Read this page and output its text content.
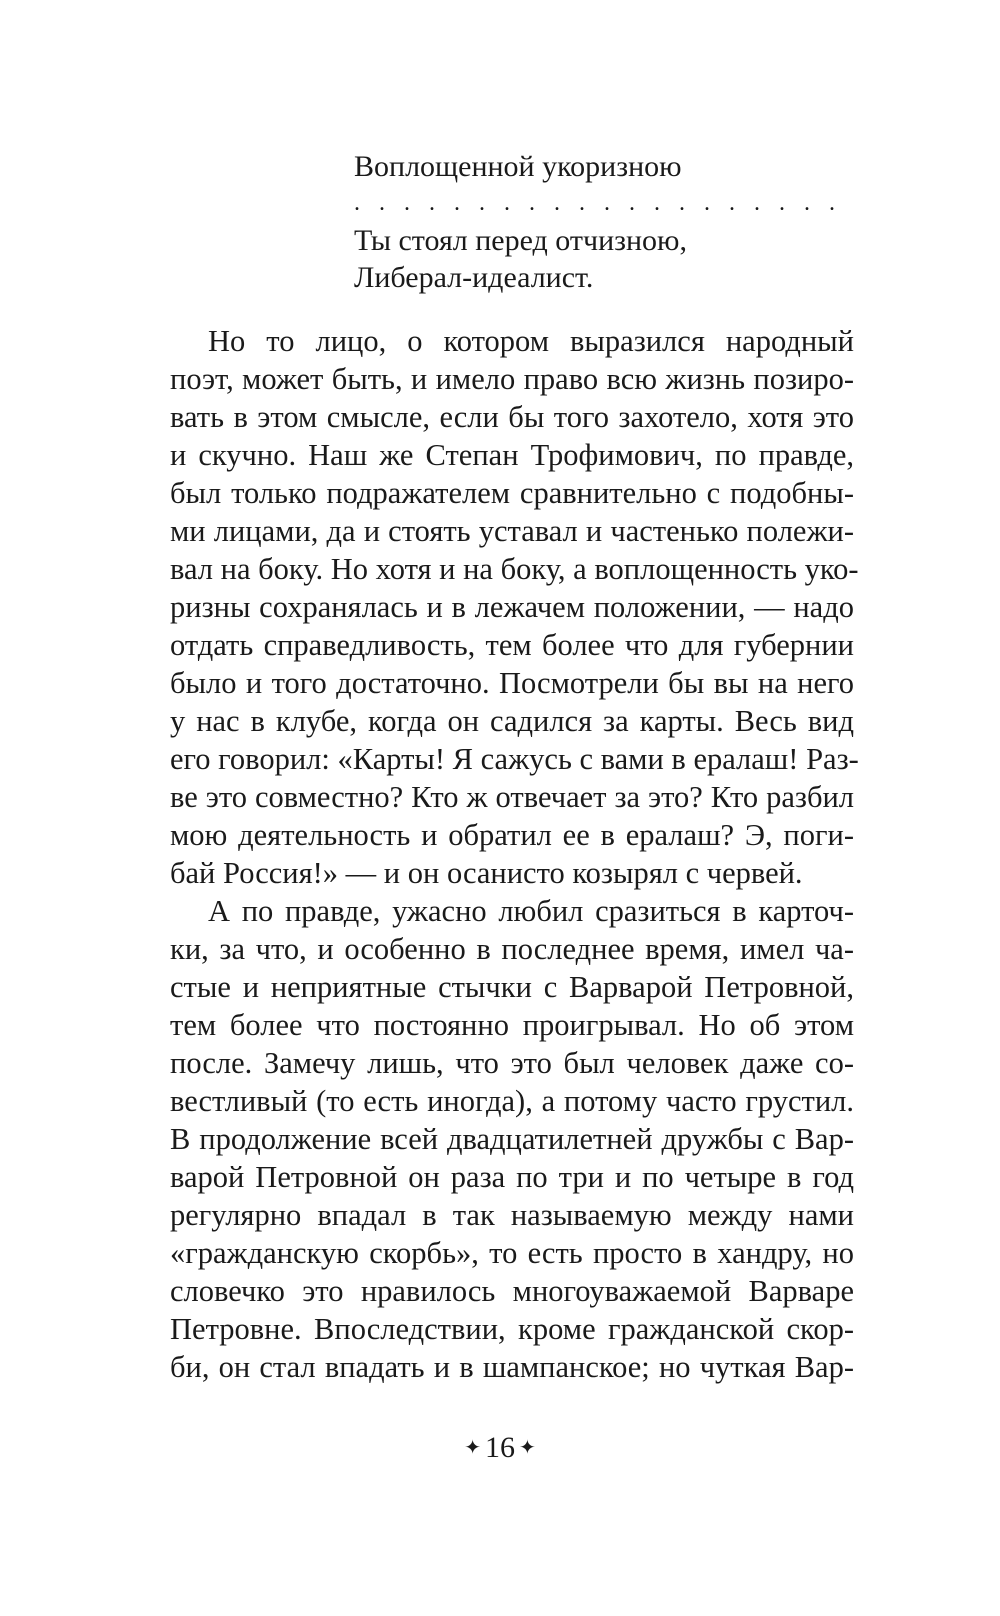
Воплощенной укоризною
. . . . . . . . . . . . . . . . . . . .
Ты стоял перед отчизною,
Либерал-идеалист.
Но то лицо, о котором выразился народный
поэт, может быть, и имело право всю жизнь позиро-
вать в этом смысле, если бы того захотело, хотя это
и скучно. Наш же Степан Трофимович, по правде,
был только подражателем сравнительно с подобны-
ми лицами, да и стоять уставал и частенько полежи-
вал на боку. Но хотя и на боку, а воплощенность уко-
ризны сохранялась и в лежачем положении, — надо
отдать справедливость, тем более что для губернии
было и того достаточно. Посмотрели бы вы на него
у нас в клубе, когда он садился за карты. Весь вид
его говорил: «Карты! Я сажусь с вами в ералаш! Раз-
ве это совместно? Кто ж отвечает за это? Кто разбил
мою деятельность и обратил ее в ералаш? Э, поги-
бай Россия!» — и он осанисто козырял с червей.
А по правде, ужасно любил сразиться в карточ-
ки, за что, и особенно в последнее время, имел ча-
стые и неприятные стычки с Варварой Петровной,
тем более что постоянно проигрывал. Но об этом
после. Замечу лишь, что это был человек даже со-
вестливый (то есть иногда), а потому часто грустил.
В продолжение всей двадцатилетней дружбы с Вар-
варой Петровной он раза по три и по четыре в год
регулярно впадал в так называемую между нами
«гражданскую скорбь», то есть просто в хандру, но
словечко это нравилось многоуважаемой Варваре
Петровне. Впоследствии, кроме гражданской скор-
би, он стал впадать и в шампанское; но чуткая Вар-
✦ 16 ✦
